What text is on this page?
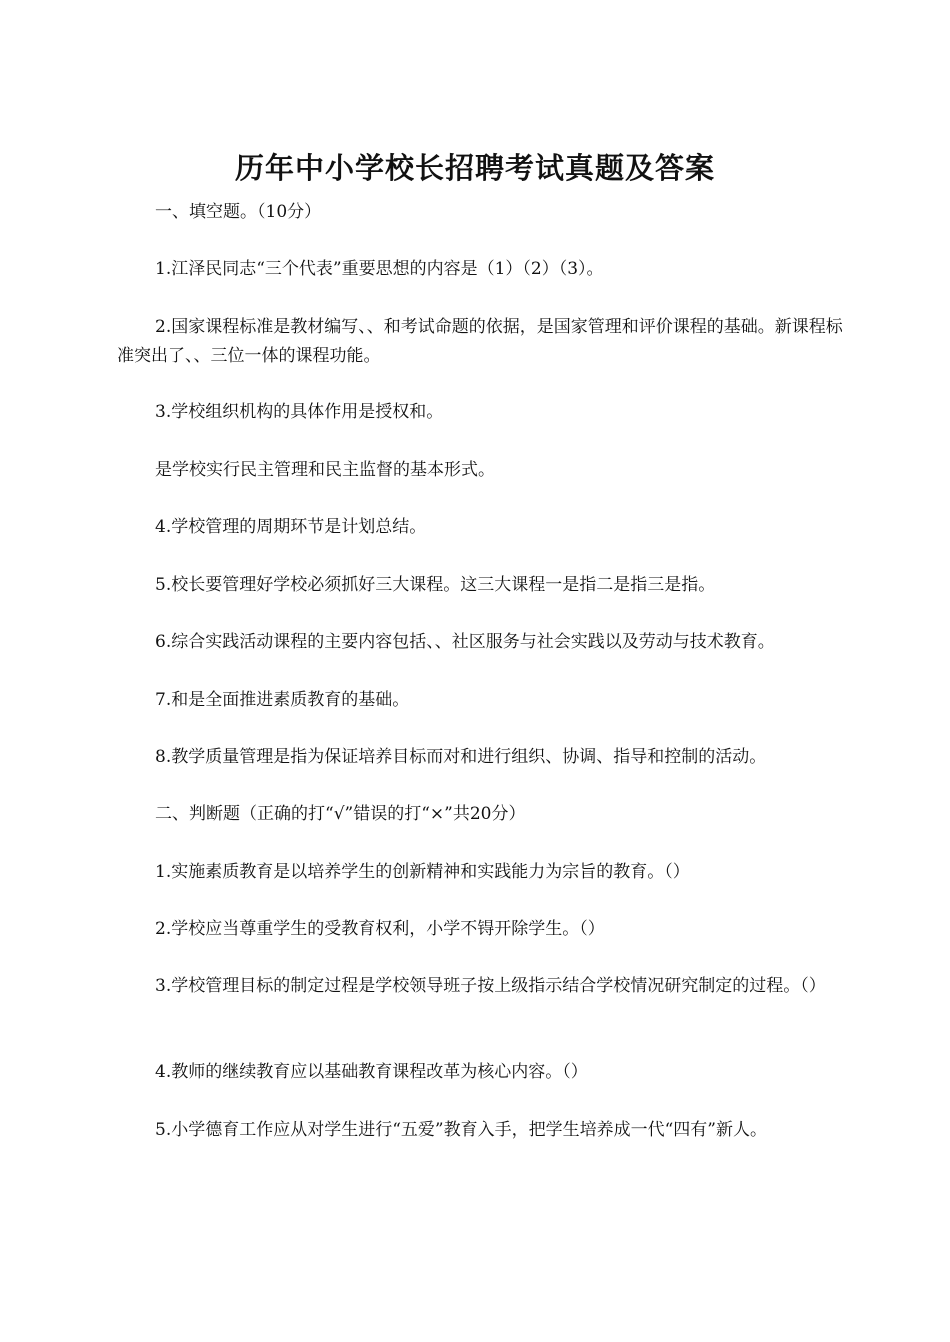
历年中小学校长招聘考试真题及答案
一、填空题。（10分）
1.江泽民同志“三个代表”重要思想的内容是（1）（2）（3）。
2.国家课程标准是教材编写、、和考试命题的依据，是国家管理和评价课程的基础。新课程标准突出了、、三位一体的课程功能。
3.学校组织机构的具体作用是授权和。
是学校实行民主管理和民主监督的基本形式。
4.学校管理的周期环节是计划总结。
5.校长要管理好学校必须抓好三大课程。这三大课程一是指二是指三是指。
6.综合实践活动课程的主要内容包括、、社区服务与社会实践以及劳动与技术教育。
7.和是全面推进素质教育的基础。
8.教学质量管理是指为保证培养目标而对和进行组织、协调、指导和控制的活动。
二、判断题（正确的打“√”错误的打“×”共20分）
1.实施素质教育是以培养学生的创新精神和实践能力为宗旨的教育。（）
2.学校应当尊重学生的受教育权利，小学不锝开除学生。（）
3.学校管理目标的制定过程是学校领导班子按上级指示结合学校情况研究制定的过程。（）
4.教师的继续教育应以基础教育课程改革为核心内容。（）
5.小学德育工作应从对学生进行“五爱”教育入手，把学生培养成一代“四有”新人。
